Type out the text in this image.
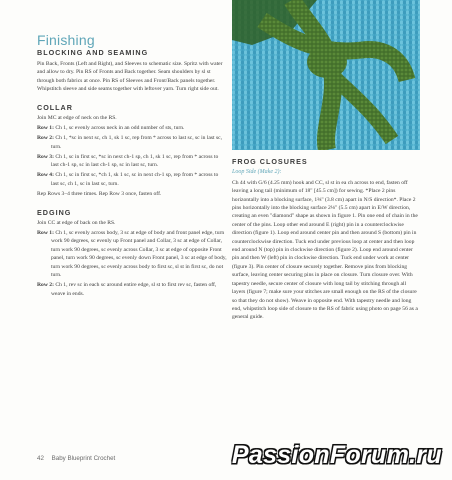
Finishing
BLOCKING AND SEAMING

Pin Back, Fronts (Left and Right), and Sleeves to schematic size. Spritz with water and allow to dry. Pin RS of Fronts and Back together. Seam shoulders by sl st through both fabrics at once. Pin RS of Sleeves and Front/Back panels together. Whipstitch sleeve and side seams together with leftover yarn. Turn right side out.

COLLAR

Join MC at edge of neck on the RS.

Row 1: Ch 1, sc evenly across neck in an odd number of sts, turn.
Row 2: Ch 1, *sc in next sc, ch 1, sk 1 sc, rep from * across to last sc, sc in last sc, turn.
Row 3: Ch 1, sc in first sc, *sc in next ch-1 sp, ch 1, sk 1 sc, rep from * across to last ch-1 sp, sc in last ch-1 sp, sc in last sc, turn.
Row 4: Ch 1, sc in first sc, *ch 1, sk 1 sc, sc in next ch-1 sp, rep from * across to last sc, ch 1, sc in last sc, turn.

Rep Rows 3–4 three times. Rep Row 3 once, fasten off.

EDGING

Join CC at edge of back on the RS.

Row 1: Ch 1, sc evenly across body, 3 sc at edge of body and front panel edge, turn work 90 degrees, sc evenly up Front panel and Collar, 3 sc at edge of Collar, turn work 90 degrees, sc evenly across Collar, 3 sc at edge of opposite Front panel, turn work 90 degrees, sc evenly down Front panel, 3 sc at edge of body, turn work 90 degrees, sc evenly across body to first sc, sl st in first sc, do not turn.
Row 2: Ch 1, rev sc in each sc around entire edge, sl st to first rev sc, fasten off, weave in ends.
FROG CLOSURES
Loop Side (Make 2):

Ch 44 with G/6 (4.25 mm) hook and CC, sl st in ea ch across to end, fasten off leaving a long tail (minimum of 18" [45.5 cm]) for sewing. *Place 2 pins horizontally into a blocking surface, 1⅜" (3.8 cm) apart in N/S direction*. Place 2 pins horizontally into the blocking surface 2⅛" (5.5 cm) apart in E/W direction, creating an even "diamond" shape as shown in figure 1. Pin one end of chain in the center of the pins. Loop other end around E (right) pin in a counterclockwise direction (figure 1). Loop end around center pin and then around S (bottom) pin in counterclockwise direction. Tuck end under previous loop at center and then loop end around N (top) pin in clockwise direction (figure 2). Loop end around center pin and then W (left) pin in clockwise direction. Tuck end under work at center (figure 3). Pin center of closure securely together. Remove pins from blocking surface, leaving center securing pins in place on closure. Turn closure over. With tapestry needle, secure center of closure with long tail by stitching through all layers (figure 7; make sure your stitches are small enough on the RS of the closure so that they do not show). Weave in opposite end. With tapestry needle and long end, whipstitch loop side of closure to the RS of fabric using photo on page 56 as a general guide.

42 Baby Blueprint Crochet	PassionForum.ru
